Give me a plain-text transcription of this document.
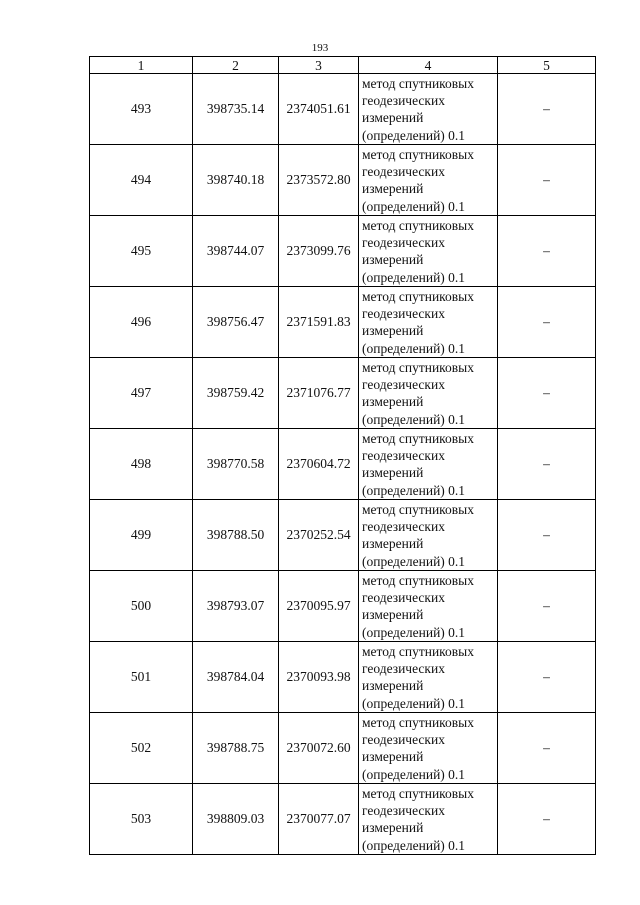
193
1	2	3	4	5
493	398735.14	2374051.61	метод спутниковых
геодезических
измерений
(определений) 0.1	–
494	398740.18	2373572.80	метод спутниковых
геодезических
измерений
(определений) 0.1	–
495	398744.07	2373099.76	метод спутниковых
геодезических
измерений
(определений) 0.1	–
496	398756.47	2371591.83	метод спутниковых
геодезических
измерений
(определений) 0.1	–
497	398759.42	2371076.77	метод спутниковых
геодезических
измерений
(определений) 0.1	–
498	398770.58	2370604.72	метод спутниковых
геодезических
измерений
(определений) 0.1	–
499	398788.50	2370252.54	метод спутниковых
геодезических
измерений
(определений) 0.1	–
500	398793.07	2370095.97	метод спутниковых
геодезических
измерений
(определений) 0.1	–
501	398784.04	2370093.98	метод спутниковых
геодезических
измерений
(определений) 0.1	–
502	398788.75	2370072.60	метод спутниковых
геодезических
измерений
(определений) 0.1	–
503	398809.03	2370077.07	метод спутниковых
геодезических
измерений
(определений) 0.1	–
